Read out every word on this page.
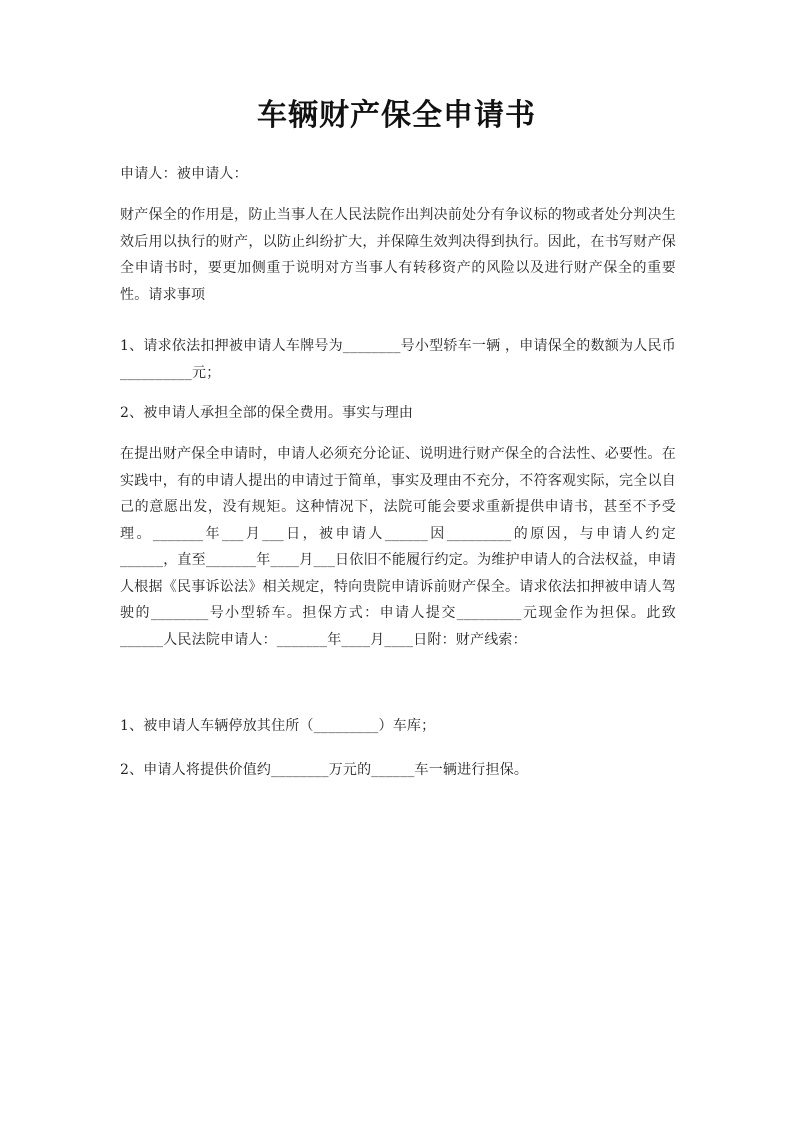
车辆财产保全申请书

申请人：被申请人：

财产保全的作用是，防止当事人在人民法院作出判决前处分有争议标的物或者处分判决生效后用以执行的财产，以防止纠纷扩大，并保障生效判决得到执行。因此，在书写财产保全申请书时，要更加侧重于说明对方当事人有转移资产的风险以及进行财产保全的重要性。请求事项

1、请求依法扣押被申请人车牌号为________号小型轿车一辆 ，申请保全的数额为人民币__________元；

2、被申请人承担全部的保全费用。事实与理由

在提出财产保全申请时，申请人必须充分论证、说明进行财产保全的合法性、必要性。在实践中，有的申请人提出的申请过于简单，事实及理由不充分，不符客观实际，完全以自己的意愿出发，没有规矩。这种情况下，法院可能会要求重新提供申请书，甚至不予受理。_______年___月___日，被申请人______因_________的原因，与申请人约定______，直至_______年____月___日依旧不能履行约定。为维护申请人的合法权益，申请人根据《民事诉讼法》相关规定，特向贵院申请诉前财产保全。请求依法扣押被申请人驾驶的________号小型轿车。担保方式：申请人提交_________元现金作为担保。此致______人民法院申请人：_______年____月____日附：财产线索：

1、被申请人车辆停放其住所（_________）车库；

2、申请人将提供价值约________万元的______车一辆进行担保。
